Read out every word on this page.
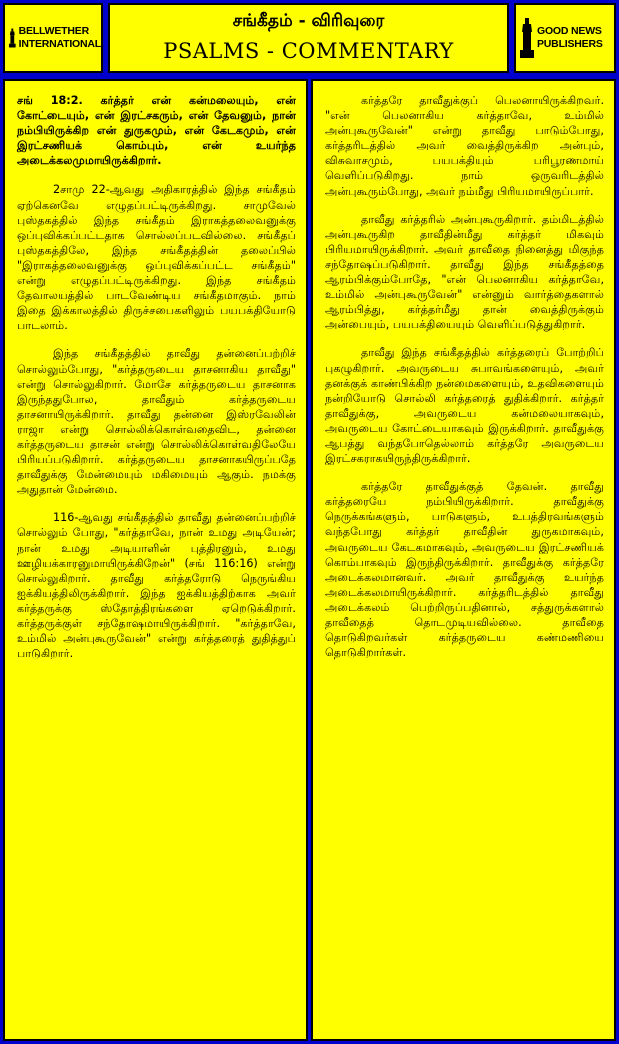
BELLWETHER
INTERNATIONAL
சங்கீதம் - விரிவுரை
PSALMS - COMMENTARY
GOOD NEWS
PUBLISHERS

சங் 18:2. கர்த்தர் என் கன்மலையும், என் கோட்டையும், என் இரட்சகரும், என் தேவனும், நான் நம்பியிருக்கிற என் துருகமும், என் கேடகமும், என் இரட்சணியக் கொம்பும், என் உயர்ந்த அடைக்கலமுமாயிருக்கிறார்.

2சாமு 22-ஆவது அதிகாரத்தில் இந்த சங்கீதம் ஏற்கெனவே எழுதப்பட்டிருக்கிறது. சாமுவேல் புஸ்தகத்தில் இந்த சங்கீதம் இராகத்தலைவனுக்கு ஒப்புவிக்கப்பட்டதாக சொல்லப்படவில்லை. சங்கீதப் புஸ்தகத்திலே, இந்த சங்கீதத்தின் தலைப்பில் "இராகத்தலைவனுக்கு ஒப்புவிக்கப்பட்ட சங்கீதம்" என்று எழுதப்பட்டிருக்கிறது. இந்த சங்கீதம் தேவாலயத்தில் பாடவேண்டிய சங்கீதமாகும். நாம் இதை இக்காலத்தில் திருச்சபைகளிலும் பயபக்தியோடு பாடலாம்.

இந்த சங்கீதத்தில் தாவீது தன்னைப்பற்றிச் சொல்லும்போது, "கர்த்தருடைய தாசனாகிய தாவீது" என்று சொல்லுகிறார். மோசே கர்த்தருடைய தாசனாக இருந்ததுபோல, தாவீதும் கர்த்தருடைய தாசனாயிருக்கிறார். தாவீது தன்னை இஸ்ரவேலின் ராஜா என்று சொல்லிக்கொள்வதைவிட, தன்னை கர்த்தருடைய தாசன் என்று சொல்லிக்கொள்வதிலேயே பிரியப்படுகிறார். கர்த்தருடைய தாசனாகயிருப்பதே தாவீதுக்கு மேன்மையும் மகிமையும் ஆகும். நமக்கு அதுதான் மேன்மை.

116-ஆவது சங்கீதத்தில் தாவீது தன்னைப்பற்றிச் சொல்லும் போது, "கர்த்தாவே, நான் உமது அடியேன்; நான் உமது அடியாளின் புத்திரனும், உமது ஊழியக்காரனுமாயிருக்கிறேன்" (சங் 116:16) என்று சொல்லுகிறார். தாவீது கர்த்தரோடு நெருங்கிய ஐக்கியத்திலிருக்கிறார். இந்த ஐக்கியத்திற்காக அவர் கர்த்தருக்கு ஸ்தோத்திரங்களை ஏறெடுக்கிறார். கர்த்தருக்குள் சந்தோஷமாயிருக்கிறார். "கர்த்தாவே, உம்மில் அன்புகூருவேன்" என்று கர்த்தரைத் துதித்துப் பாடுகிறார்.

கர்த்தரே தாவீதுக்குப் பெலனாயிருக்கிறவர். "என் பெலனாகிய கர்த்தாவே, உம்மில் அன்புகூருவேன்" என்று தாவீது பாடும்போது, கர்த்தரிடத்தில் அவர் வைத்திருக்கிற அன்பும், விசுவாசமும், பயபக்தியும் பரிபூரணமாய் வெளிப்படுகிறது. நாம் ஒருவரிடத்தில் அன்புகூரும்போது, அவர் நம்மீது பிரியமாயிருப்பார்.

தாவீது கர்த்தரில் அன்புகூருகிறார். தம்மிடத்தில் அன்புகூருகிற தாவீதின்மீது கர்த்தர் மிகவும் பிரியமாயிருக்கிறார். அவர் தாவீதை நினைத்து மிகுந்த சந்தோஷப்படுகிறார். தாவீது இந்த சங்கீதத்தை ஆரம்பிக்கும்போதே, "என் பெலனாகிய கர்த்தாவே, உம்மில் அன்புகூருவேன்" என்னும் வார்த்தைகளால் ஆரம்பித்து, கர்த்தர்மீது தான் வைத்திருக்கும் அன்பையும், பயபக்தியையும் வெளிப்படுத்துகிறார்.

தாவீது இந்த சங்கீதத்தில் கர்த்தரைப் போற்றிப் புகழுகிறார். அவருடைய சுபாவங்களையும், அவர் தனக்குக் காண்பிக்கிற நன்மைகளையும், உதவிகளையும் நன்றியோடு சொல்லி கர்த்தரைத் துதிக்கிறார். கர்த்தர் தாவீதுக்கு, அவருடைய கன்மலையாகவும், அவருடைய கோட்டையாகவும் இருக்கிறார். தாவீதுக்கு ஆபத்து வந்தபோதெல்லாம் கர்த்தரே அவருடைய இரட்சகராகயிருந்திருக்கிறார்.

கர்த்தரே தாவீதுக்குத் தேவன். தாவீது கர்த்தரையே நம்பியிருக்கிறார். தாவீதுக்கு நெருக்கங்களும், பாடுகளும், உபத்திரவங்களும் வந்தபோது கர்த்தர் தாவீதின் துருகமாகவும், அவருடைய கேடகமாகவும், அவருடைய இரட்சணியக் கொம்பாகவும் இருந்திருக்கிறார். தாவீதுக்கு கர்த்தரே அடைக்கலமானவர். அவர் தாவீதுக்கு உயர்ந்த அடைக்கலமாயிருக்கிறார். கர்த்தரிடத்தில் தாவீது அடைக்கலம் பெற்றிருப்பதினால், சத்துருக்களால் தாவீதைத் தொடமுடியவில்லை. தாவீதை தொடுகிறவர்கள் கர்த்தருடைய கண்மணியை தொடுகிறார்கள்.
